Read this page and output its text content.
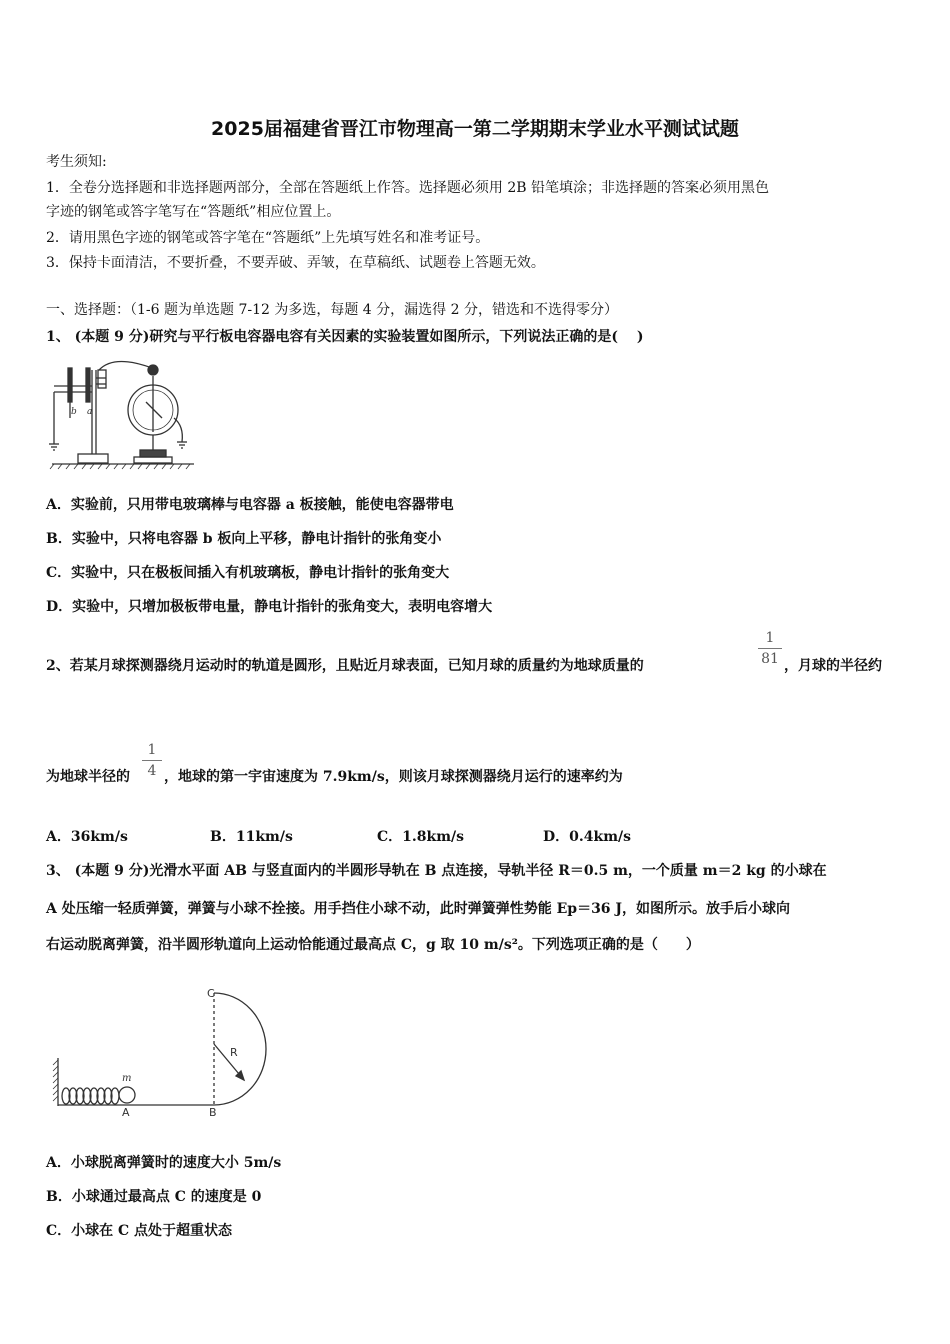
2025届福建省晋江市物理高一第二学期期末学业水平测试试题
考生须知:
1．全卷分选择题和非选择题两部分，全部在答题纸上作答。选择题必须用 2B 铅笔填涂；非选择题的答案必须用黑色
字迹的钢笔或答字笔写在“答题纸”相应位置上。
2．请用黑色字迹的钢笔或答字笔在“答题纸”上先填写姓名和准考证号。
3．保持卡面清洁，不要折叠，不要弄破、弄皱，在草稿纸、试题卷上答题无效。
一、选择题：（1-6 题为单选题 7-12 为多选，每题 4 分，漏选得 2 分，错选和不选得零分）
1、 (本题 9 分)研究与平行板电容器电容有关因素的实验装置如图所示，下列说法正确的是(　 )
b a
A．实验前，只用带电玻璃棒与电容器 a 板接触，能使电容器带电
B．实验中，只将电容器 b 板向上平移，静电计指针的张角变小
C．实验中，只在极板间插入有机玻璃板，静电计指针的张角变大
D．实验中，只增加极板带电量，静电计指针的张角变大，表明电容增大
2、若某月球探测器绕月运动时的轨道是圆形，且贴近月球表面，已知月球的质量约为地球质量的
1
81 ，月球的半径约
为地球半径的
1
4 ，地球的第一宇宙速度为 7.9km/s，则该月球探测器绕月运行的速率约为
A．36km/s	B．11km/s	C．1.8km/s	D．0.4km/s
3、 (本题 9 分)光滑水平面 AB 与竖直面内的半圆形导轨在 B 点连接，导轨半径 R＝0.5 m，一个质量 m＝2 kg 的小球在
A 处压缩一轻质弹簧，弹簧与小球不拴接。用手挡住小球不动，此时弹簧弹性势能 Ep＝36 J，如图所示。放手后小球向
右运动脱离弹簧，沿半圆形轨道向上运动恰能通过最高点 C，g 取 10 m/s²。下列选项正确的是（　　）
C
R
m
A	B
A．小球脱离弹簧时的速度大小 5m/s
B．小球通过最高点 C 的速度是 0
C．小球在 C 点处于超重状态
